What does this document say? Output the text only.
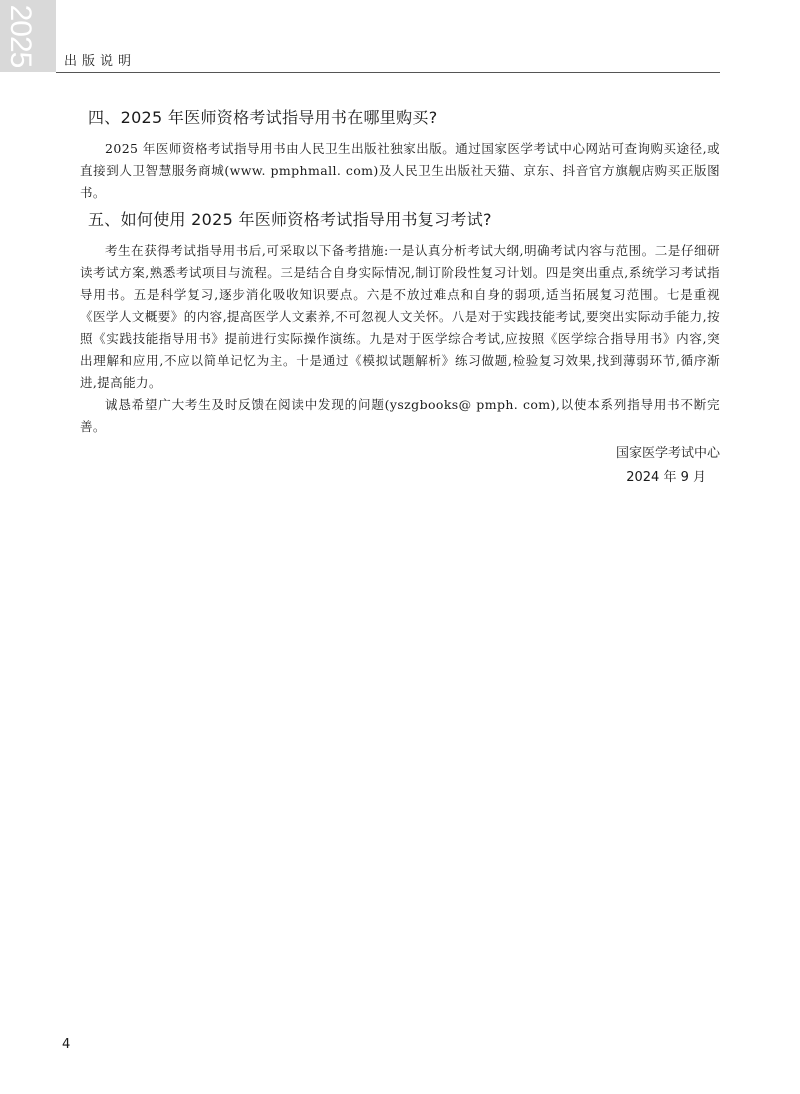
2025 出版说明
四、2025 年医师资格考试指导用书在哪里购买?

2025 年医师资格考试指导用书由人民卫生出版社独家出版。通过国家医学考试中心网站可查询购买途径,或直接到人卫智慧服务商城(www. pmphmall. com)及人民卫生出版社天猫、京东、抖音官方旗舰店购买正版图书。

五、如何使用 2025 年医师资格考试指导用书复习考试?

考生在获得考试指导用书后,可采取以下备考措施:一是认真分析考试大纲,明确考试内容与范围。二是仔细研读考试方案,熟悉考试项目与流程。三是结合自身实际情况,制订阶段性复习计划。四是突出重点,系统学习考试指导用书。五是科学复习,逐步消化吸收知识要点。六是不放过难点和自身的弱项,适当拓展复习范围。七是重视《医学人文概要》的内容,提高医学人文素养,不可忽视人文关怀。八是对于实践技能考试,要突出实际动手能力,按照《实践技能指导用书》提前进行实际操作演练。九是对于医学综合考试,应按照《医学综合指导用书》内容,突出理解和应用,不应以简单记忆为主。十是通过《模拟试题解析》练习做题,检验复习效果,找到薄弱环节,循序渐进,提高能力。

诚恳希望广大考生及时反馈在阅读中发现的问题(yszgbooks@ pmph. com),以使本系列指导用书不断完善。

国家医学考试中心
2024 年 9 月
4
